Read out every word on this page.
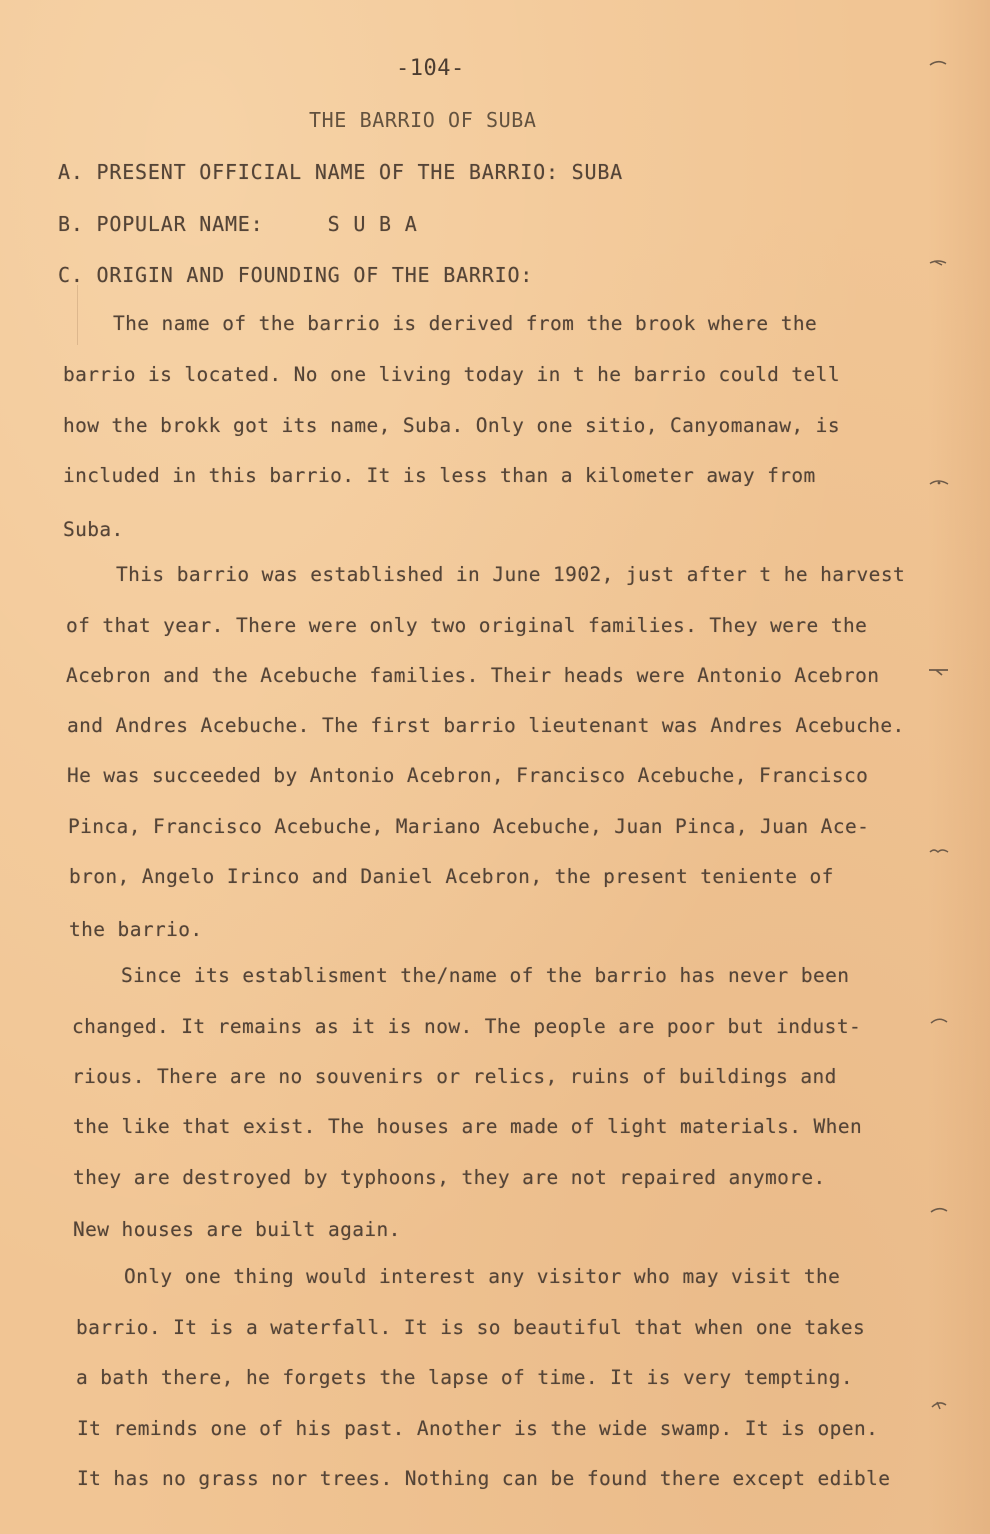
-104-
THE BARRIO OF SUBA
A. PRESENT OFFICIAL NAME OF THE BARRIO: SUBA
B. POPULAR NAME:     S U B A
C. ORIGIN AND FOUNDING OF THE BARRIO:
The name of the barrio is derived from the brook where the
barrio is located. No one living today in t he barrio could tell
how the brokk got its name, Suba. Only one sitio, Canyomanaw, is
included in this barrio. It is less than a kilometer away from
Suba.
This barrio was established in June 1902, just after t he harvest
of that year. There were only two original families. They were the
Acebron and the Acebuche families. Their heads were Antonio Acebron
and Andres Acebuche. The first barrio lieutenant was Andres Acebuche.
He was succeeded by Antonio Acebron, Francisco Acebuche, Francisco
Pinca, Francisco Acebuche, Mariano Acebuche, Juan Pinca, Juan Ace-
bron, Angelo Irinco and Daniel Acebron, the present teniente of
the barrio.
Since its establisment the/name of the barrio has never been
changed. It remains as it is now. The people are poor but indust-
rious. There are no souvenirs or relics, ruins of buildings and
the like that exist. The houses are made of light materials. When
they are destroyed by typhoons, they are not repaired anymore.
New houses are built again.
Only one thing would interest any visitor who may visit the
barrio. It is a waterfall. It is so beautiful that when one takes
a bath there, he forgets the lapse of time. It is very tempting.
It reminds one of his past. Another is the wide swamp. It is open.
It has no grass nor trees. Nothing can be found there except edible
